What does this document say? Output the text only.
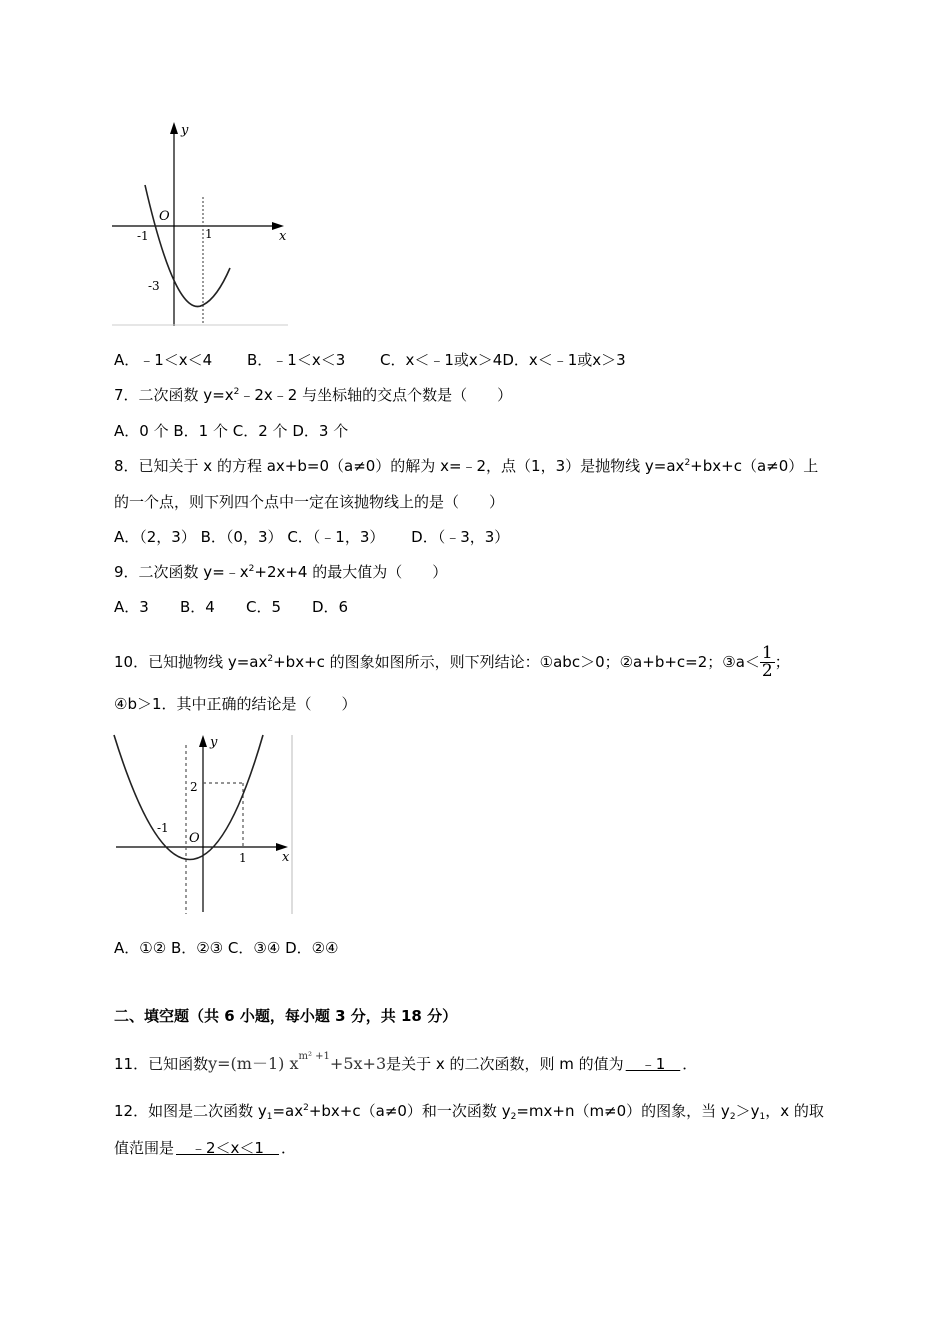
y
x
O
-1	1
-3
A．﹣1＜x＜4 B．﹣1＜x＜3 C．x＜﹣1或x＞4D．x＜﹣1或x＞3
7．二次函数 $y=x^2﹣2x﹣2$ 与坐标轴的交点个数是（　　）
A．0 个 B．1 个 C．2 个 D．3 个
8．已知关于 x 的方程 ax+b=0（a≠0）的解为 x=﹣2，点（1，3）是抛物线 $y=ax^2+bx+c(a\ne 0)$上
的一个点，则下列四个点中一定在该抛物线上的是（　　）
A．（2，3） B．（0，3） C．（﹣1，3） D．（﹣3，3）
9．二次函数 $y=﹣x^2+2x+4$ 的最大值为（　　）
A．3 B．4 C．5 D．6
10．已知抛物线 $y=ax^2+bx+c$ 的图象如图所示，则下列结论：①abc＞0；②a+b+c=2；③a＜ $\frac{1}{2}$ ；
④b＞1．其中正确的结论是（　　）
y
x
O
-1
1
2
A．①② B．②③ C．③④ D．②④
二、填空题（共 6 小题，每小题 3 分，共 18 分）
11．已知函数y=(m－1) $x^{m^2 +1}+5x+3$是关于 x 的二次函数，则 m 的值为　﹣1　．
12．如图是二次函数 $y_1=ax^2+bx+c(a\ne 0)$和一次函数 $y_2=mx+n(m\ne 0)$的图象，当 $y_2>y_1$，x 的取
值范围是　﹣2＜x＜1　．
